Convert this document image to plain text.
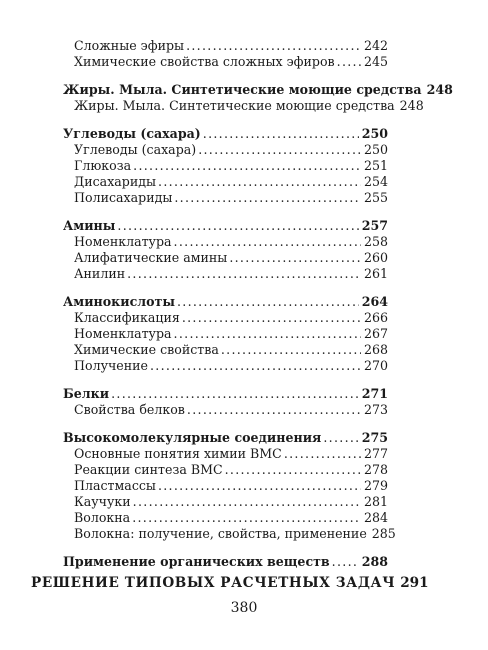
Сложные эфиры .....	242
Химические свойства сложных эфиров ..... 245
Жиры. Мыла. Синтетические моющие средства 248
Жиры. Мыла. Синтетические моющие средства 248
Углеводы (сахара) .....	250
Углеводы (сахара) .....	250
Глюкоза .....	251
Дисахариды .....	254
Полисахариды .....	255
Амины .....	257
Номенклатура .....	258
Алифатические амины .....	260
Анилин .....	261
Аминокислоты .....	264
Классификация .....	266
Номенклатура .....	267
Химические свойства .....	268
Получение .....	270
Белки .....	271
Свойства белков .....	273
Высокомолекулярные соединения .....	275
Основные понятия химии ВМС .....	277
Реакции синтеза ВМС .....	278
Пластмассы .....	279
Каучуки .....	281
Волокна .....	284
Волокна: получение, свойства, применение 285
Применение органических веществ .....	288
РЕШЕНИЕ ТИПОВЫХ РАСЧЕТНЫХ ЗАДАЧ 291
380
